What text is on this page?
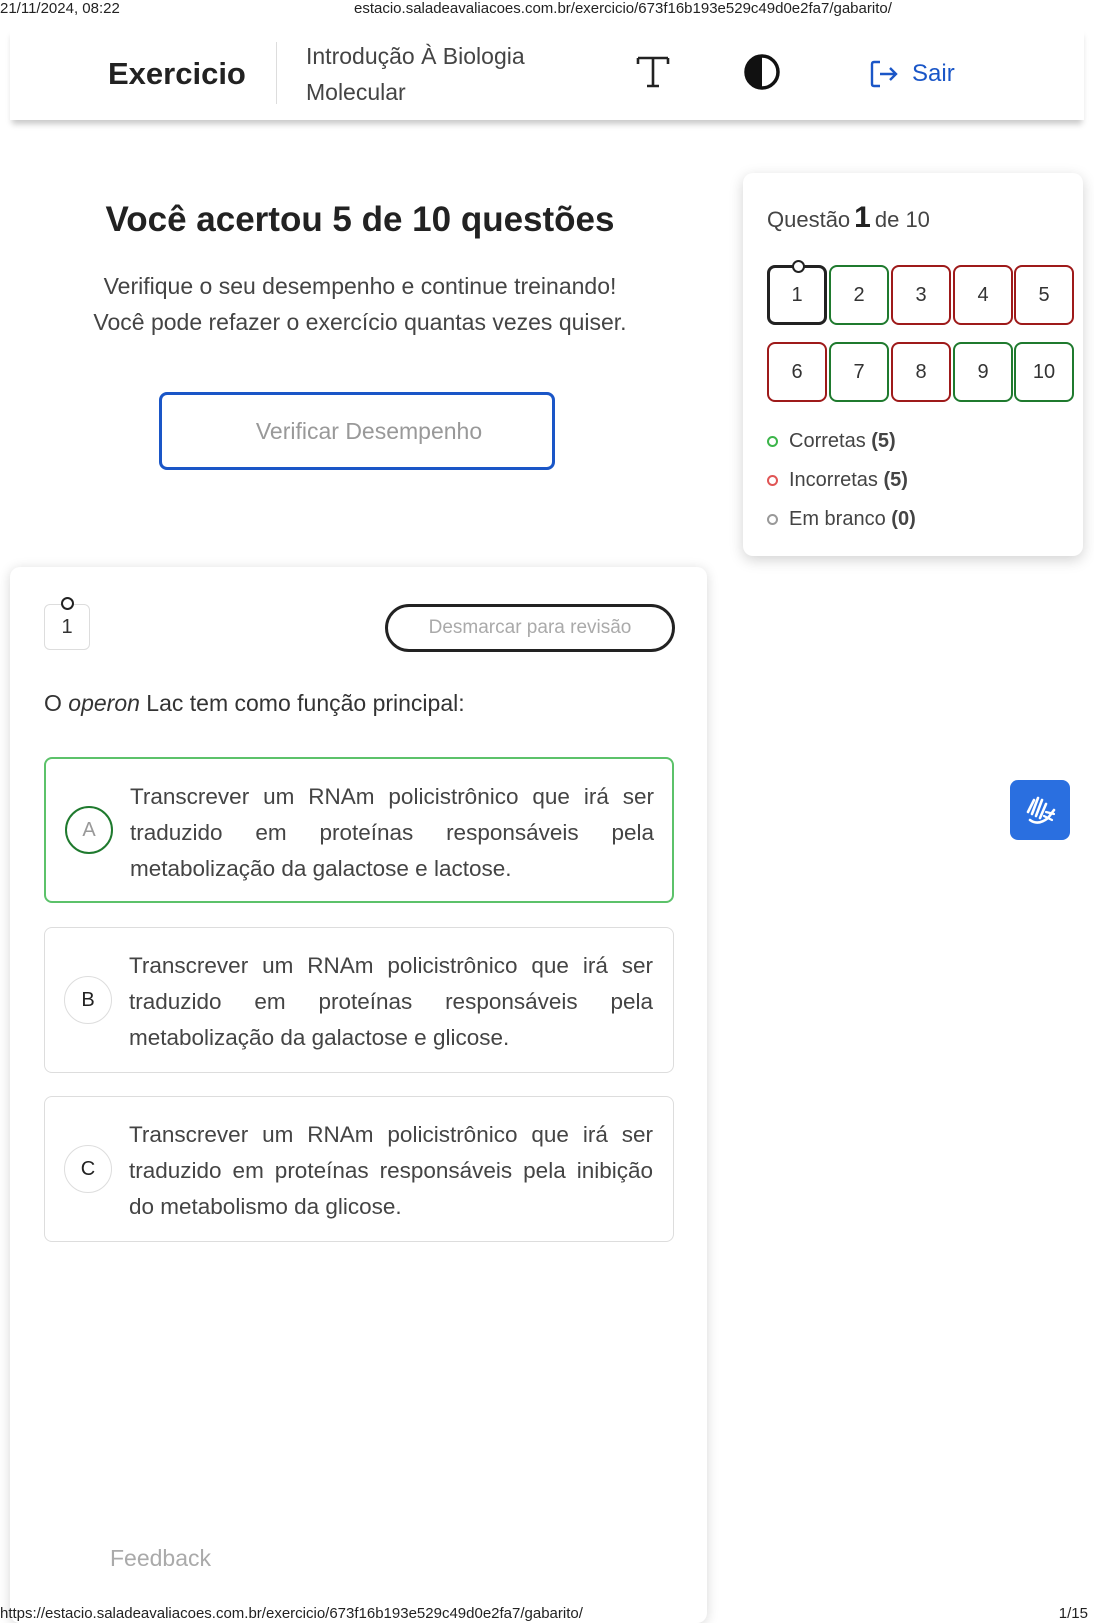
21/11/2024, 08:22	estacio.saladeavaliacoes.com.br/exercicio/673f16b193e529c49d0e2fa7/gabarito/
Exercicio	Introdução À Biologia Molecular
Sair
Você acertou 5 de 10 questões
Verifique o seu desempenho e continue treinando!
Você pode refazer o exercício quantas vezes quiser.
Verificar Desempenho
Questão 1 de 10
Corretas
(5)
Incorretas
(5)
Em branco
(0)
1	2	3	4 5
6	7	8	9 10
1	Desmarcar para revisão
O operon Lac tem como função principal:
A
Transcrever um RNAm policistrônico que irá ser traduzido em proteínas responsáveis pela metabolização da galactose e lactose.
B
Transcrever um RNAm policistrônico que irá ser traduzido em proteínas responsáveis pela metabolização da galactose e glicose.
C
Transcrever um RNAm policistrônico que irá ser traduzido em proteínas responsáveis pela inibição do metabolismo da glicose.
Feedback
https://estacio.saladeavaliacoes.com.br/exercicio/673f16b193e529c49d0e2fa7/gabarito/	1/15
